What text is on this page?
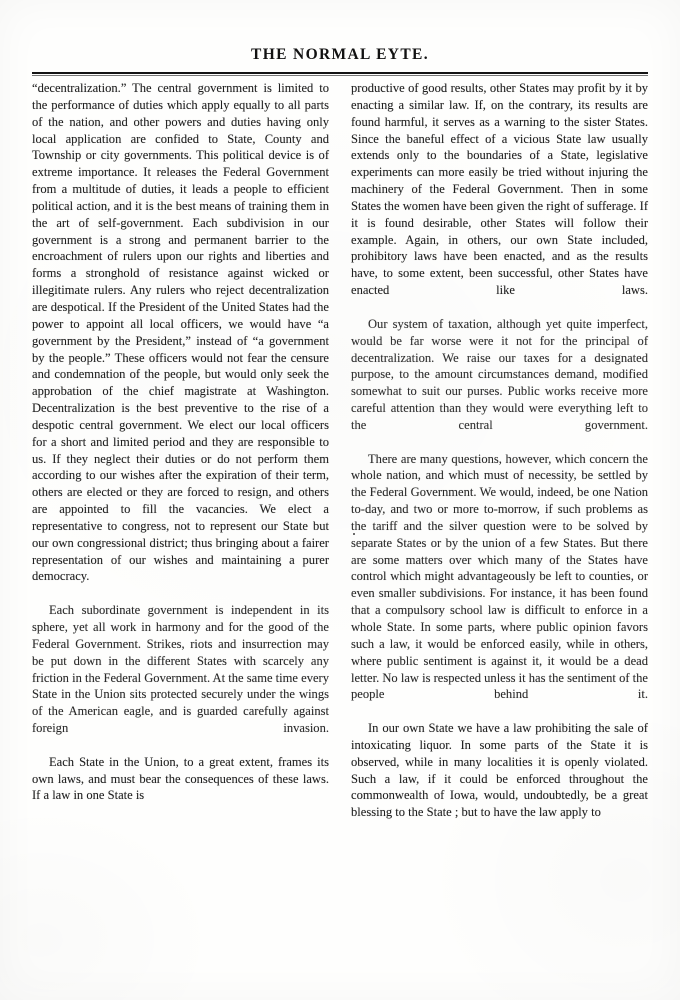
THE NORMAL EYTE.

“decentralization.” The central government is limited to the performance of duties which apply equally to all parts of the nation, and other powers and duties having only local application are confided to State, County and Township or city governments. This political device is of extreme importance. It releases the Federal Government from a multitude of duties, it leads a people to efficient political action, and it is the best means of training them in the art of self-government. Each subdivision in our government is a strong and permanent barrier to the encroachment of rulers upon our rights and liberties and forms a stronghold of resistance against wicked or illegitimate rulers. Any rulers who reject decentralization are despotical. If the President of the United States had the power to appoint all local officers, we would have “a government by the President,” instead of “a government by the people.” These officers would not fear the censure and condemnation of the people, but would only seek the approbation of the chief magistrate at Washington. Decentralization is the best preventive to the rise of a despotic central government. We elect our local officers for a short and limited period and they are responsible to us. If they neglect their duties or do not perform them according to our wishes after the expiration of their term, others are elected or they are forced to resign, and others are appointed to fill the vacancies. We elect a representative to congress, not to represent our State but our own congressional district; thus bringing about a fairer representation of our wishes and maintaining a purer democracy.

Each subordinate government is independent in its sphere, yet all work in harmony and for the good of the Federal Government. Strikes, riots and insurrection may be put down in the different States with scarcely any friction in the Federal Government. At the same time every State in the Union sits protected securely under the wings of the American eagle, and is guarded carefully against foreign invasion.

Each State in the Union, to a great extent, frames its own laws, and must bear the consequences of these laws. If a law in one State is

productive of good results, other States may profit by it by enacting a similar law. If, on the contrary, its results are found harmful, it serves as a warning to the sister States. Since the baneful effect of a vicious State law usually extends only to the boundaries of a State, legislative experiments can more easily be tried without injuring the machinery of the Federal Government. Then in some States the women have been given the right of sufferage. If it is found desirable, other States will follow their example. Again, in others, our own State included, prohibitory laws have been enacted, and as the results have, to some extent, been successful, other States have enacted like laws.

Our system of taxation, although yet quite imperfect, would be far worse were it not for the principal of decentralization. We raise our taxes for a designated purpose, to the amount circumstances demand, modified somewhat to suit our purses. Public works receive more careful attention than they would were everything left to the central government.

There are many questions, however, which concern the whole nation, and which must of necessity, be settled by the Federal Government. We would, indeed, be one Nation to-day, and two or more to-morrow, if such problems as the tariff and the silver question were to be solved by separate States or by the union of a few States. But there are some matters over which many of the States have control which might advantageously be left to counties, or even smaller subdivisions. For instance, it has been found that a compulsory school law is difficult to enforce in a whole State. In some parts, where public opinion favors such a law, it would be enforced easily, while in others, where public sentiment is against it, it would be a dead letter. No law is respected unless it has the sentiment of the people behind it.

In our own State we have a law prohibiting the sale of intoxicating liquor. In some parts of the State it is observed, while in many localities it is openly violated. Such a law, if it could be enforced throughout the commonwealth of Iowa, would, undoubtedly, be a great blessing to the State ; but to have the law apply to
